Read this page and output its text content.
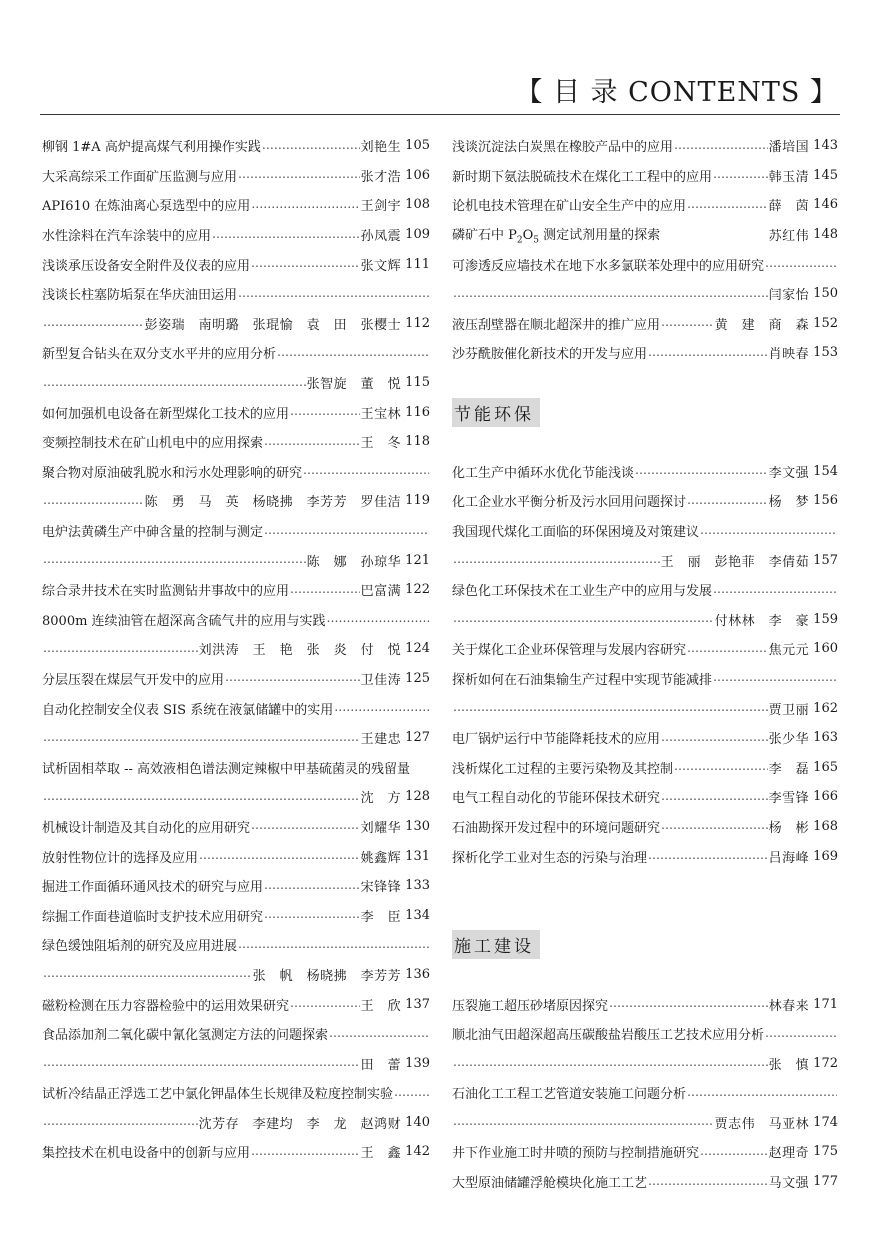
【 目 录 CONTENTS 】
柳钢 1#A 高炉提高煤气利用操作实践 ………………………………………………………………………………………………………………………………………………………………	刘艳生 105
大采高综采工作面矿压监测与应用 ………………………………………………………………………………………………………………………………………………………………	张才浩 106
API610 在炼油离心泵选型中的应用 ………………………………………………………………………………………………………………………………………………………………	王剑宇 108
水性涂料在汽车涂装中的应用 ………………………………………………………………………………………………………………………………………………………………	孙凤震 109
浅谈承压设备安全附件及仪表的应用 ………………………………………………………………………………………………………………………………………………………………	张文辉 111
浅谈长柱塞防垢泵在华庆油田运用
………………………………………………………………………………………………………………………………………………………………
………………………………………………………………………………………………………………………………………………………………
彭姿瑞　南明璐　张琨愉　袁　田　张樱士 112
新型复合钻头在双分支水平井的应用分析
………………………………………………………………………………………………………………………………………………………………
………………………………………………………………………………………………………………………………………………………………
张智旋　董　悦 115
如何加强机电设备在新型煤化工技术的应用 ………………………………………………………………………………………………………………………………………………………………	王宝林 116
变频控制技术在矿山机电中的应用探索 ………………………………………………………………………………………………………………………………………………………………	王　冬 118
聚合物对原油破乳脱水和污水处理影响的研究
………………………………………………………………………………………………………………………………………………………………
………………………………………………………………………………………………………………………………………………………………
陈　勇　马　英　杨晓拂　李芳芳　罗佳洁 119
电炉法黄磷生产中砷含量的控制与测定
………………………………………………………………………………………………………………………………………………………………
………………………………………………………………………………………………………………………………………………………………
陈　娜　孙琼华 121
综合录井技术在实时监测钻井事故中的应用 ………………………………………………………………………………………………………………………………………………………………	巴富满 122
8000m 连续油管在超深高含硫气井的应用与实践
………………………………………………………………………………………………………………………………………………………………
………………………………………………………………………………………………………………………………………………………………
刘洪涛　王　艳　张　炎　付　悦 124
分层压裂在煤层气开发中的应用 ………………………………………………………………………………………………………………………………………………………………	卫佳涛 125
自动化控制安全仪表 SIS 系统在液氯储罐中的实用
………………………………………………………………………………………………………………………………………………………………
………………………………………………………………………………………………………………………………………………………………
王建忠 127
试析固相萃取 -- 高效液相色谱法测定辣椒中甲基硫菌灵的残留量
………………………………………………………………………………………………………………………………………………………………
沈　方 128
机械设计制造及其自动化的应用研究 ………………………………………………………………………………………………………………………………………………………………	刘耀华 130
放射性物位计的选择及应用 ………………………………………………………………………………………………………………………………………………………………	姚鑫辉 131
掘进工作面循环通风技术的研究与应用 ………………………………………………………………………………………………………………………………………………………………	宋锋锋 133
综掘工作面巷道临时支护技术应用研究 ………………………………………………………………………………………………………………………………………………………………	李　臣 134
绿色缓蚀阻垢剂的研究及应用进展
………………………………………………………………………………………………………………………………………………………………
………………………………………………………………………………………………………………………………………………………………
张　帆　杨晓拂　李芳芳 136
磁粉检测在压力容器检验中的运用效果研究 ………………………………………………………………………………………………………………………………………………………………	王　欣 137
食品添加剂二氧化碳中氰化氢测定方法的问题探索
………………………………………………………………………………………………………………………………………………………………
………………………………………………………………………………………………………………………………………………………………
田　蕾 139
试析冷结晶正浮选工艺中氯化钾晶体生长规律及粒度控制实验
………………………………………………………………………………………………………………………………………………………………
………………………………………………………………………………………………………………………………………………………………
沈芳存　李建均　李　龙　赵鸿财 140
集控技术在机电设备中的创新与应用 ………………………………………………………………………………………………………………………………………………………………	王　鑫 142
浅谈沉淀法白炭黑在橡胶产品中的应用 ………………………………………………………………………………………………………………………………………………………………	潘培国 143
新时期下氨法脱硫技术在煤化工工程中的应用 ………………………………………………………………………………………………………………………………………………………………	韩玉清 145
论机电技术管理在矿山安全生产中的应用 ………………………………………………………………………………………………………………………………………………………………	薛　茵 146
磷矿石中 $P_2O_5$ 测定试剂用量的探索	苏红伟 148
可渗透反应墙技术在地下水多氯联苯处理中的应用研究
………………………………………………………………………………………………………………………………………………………………
………………………………………………………………………………………………………………………………………………………………
闫家怡 150
液压刮壁器在顺北超深井的推广应用 ………………………………………………………………………………………………………………………………………………………………	黄　建　商　森 152
沙芬酰胺催化新技术的开发与应用 ………………………………………………………………………………………………………………………………………………………………	肖映春 153
节能环保
化工生产中循环水优化节能浅谈 ………………………………………………………………………………………………………………………………………………………………	李文强 154
化工企业水平衡分析及污水回用问题探讨 ………………………………………………………………………………………………………………………………………………………………	杨　梦 156
我国现代煤化工面临的环保困境及对策建议
………………………………………………………………………………………………………………………………………………………………
………………………………………………………………………………………………………………………………………………………………
王　丽　彭艳菲　李倩茹 157
绿色化工环保技术在工业生产中的应用与发展
………………………………………………………………………………………………………………………………………………………………
………………………………………………………………………………………………………………………………………………………………
付林林　李　豪 159
关于煤化工企业环保管理与发展内容研究 ………………………………………………………………………………………………………………………………………………………………	焦元元 160
探析如何在石油集输生产过程中实现节能减排
………………………………………………………………………………………………………………………………………………………………
………………………………………………………………………………………………………………………………………………………………
贾卫丽 162
电厂锅炉运行中节能降耗技术的应用 ………………………………………………………………………………………………………………………………………………………………	张少华 163
浅析煤化工过程的主要污染物及其控制 ………………………………………………………………………………………………………………………………………………………………	李　磊 165
电气工程自动化的节能环保技术研究 ………………………………………………………………………………………………………………………………………………………………	李雪锋 166
石油勘探开发过程中的环境问题研究 ………………………………………………………………………………………………………………………………………………………………	杨　彬 168
探析化学工业对生态的污染与治理 ………………………………………………………………………………………………………………………………………………………………	吕海峰 169
施工建设
压裂施工超压砂堵原因探究 ………………………………………………………………………………………………………………………………………………………………	林春来 171
顺北油气田超深超高压碳酸盐岩酸压工艺技术应用分析
………………………………………………………………………………………………………………………………………………………………
………………………………………………………………………………………………………………………………………………………………
张　慎 172
石油化工工程工艺管道安装施工问题分析
………………………………………………………………………………………………………………………………………………………………
………………………………………………………………………………………………………………………………………………………………
贾志伟　马亚林 174
井下作业施工时井喷的预防与控制措施研究 ………………………………………………………………………………………………………………………………………………………………	赵理奇 175
大型原油储罐浮舱模块化施工工艺 ………………………………………………………………………………………………………………………………………………………………	马文强 177
